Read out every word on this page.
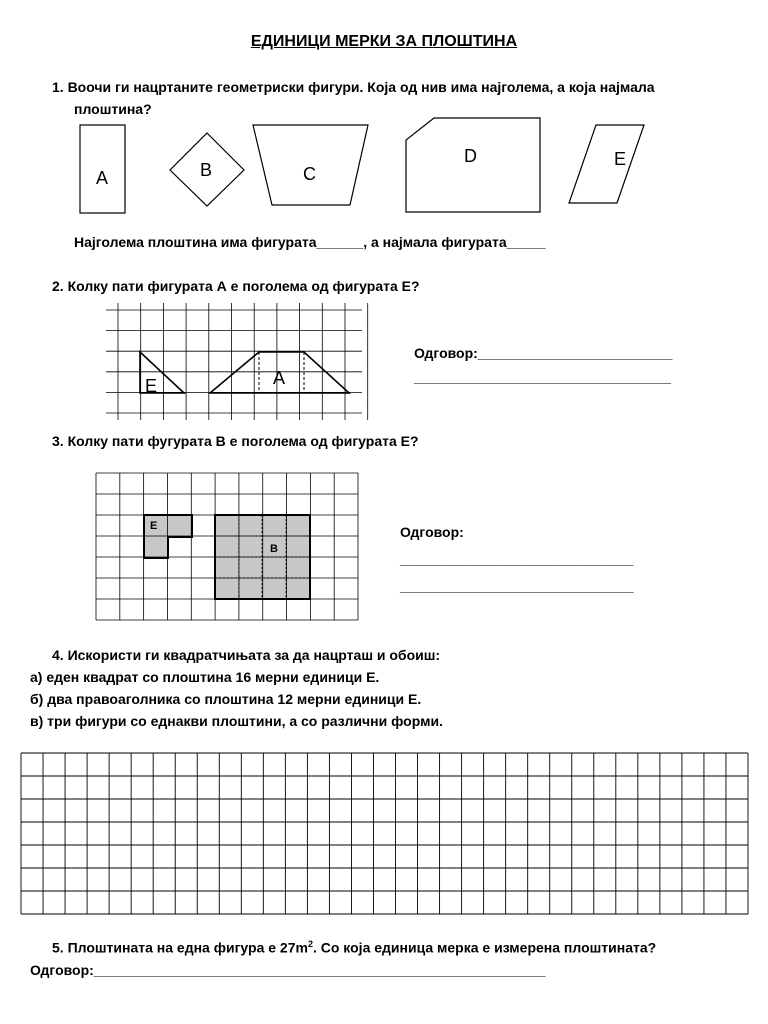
ЕДИНИЦИ МЕРКИ ЗА ПЛОШТИНА
1. Воочи ги нацртаните геометриски фигури. Која од нив има најголема, а која најмала
плоштина?
A	B	C
D	E
Најголема плоштина има фигурата______, а најмала фигурата_____
2. Колку пати фигурата А е поголема од фигурата Е?
E	A
Одговор:_________________________
_________________________________
3. Колку пати фугурата В е поголема од фигурата Е?
E
B
Одговор:
______________________________
______________________________
4. Искористи ги квадратчињата за да нацрташ и обоиш:
а) еден квадрат со плоштина 16 мерни единици Е.
б) два правоаголника со плоштина 12 мерни единици Е.
в) три фигури со еднакви плоштини, а со различни форми.
5. Плоштината на една фигура е $27m^2$. Со која единица мерка е измерена плоштината?
Одговор:__________________________________________________________
